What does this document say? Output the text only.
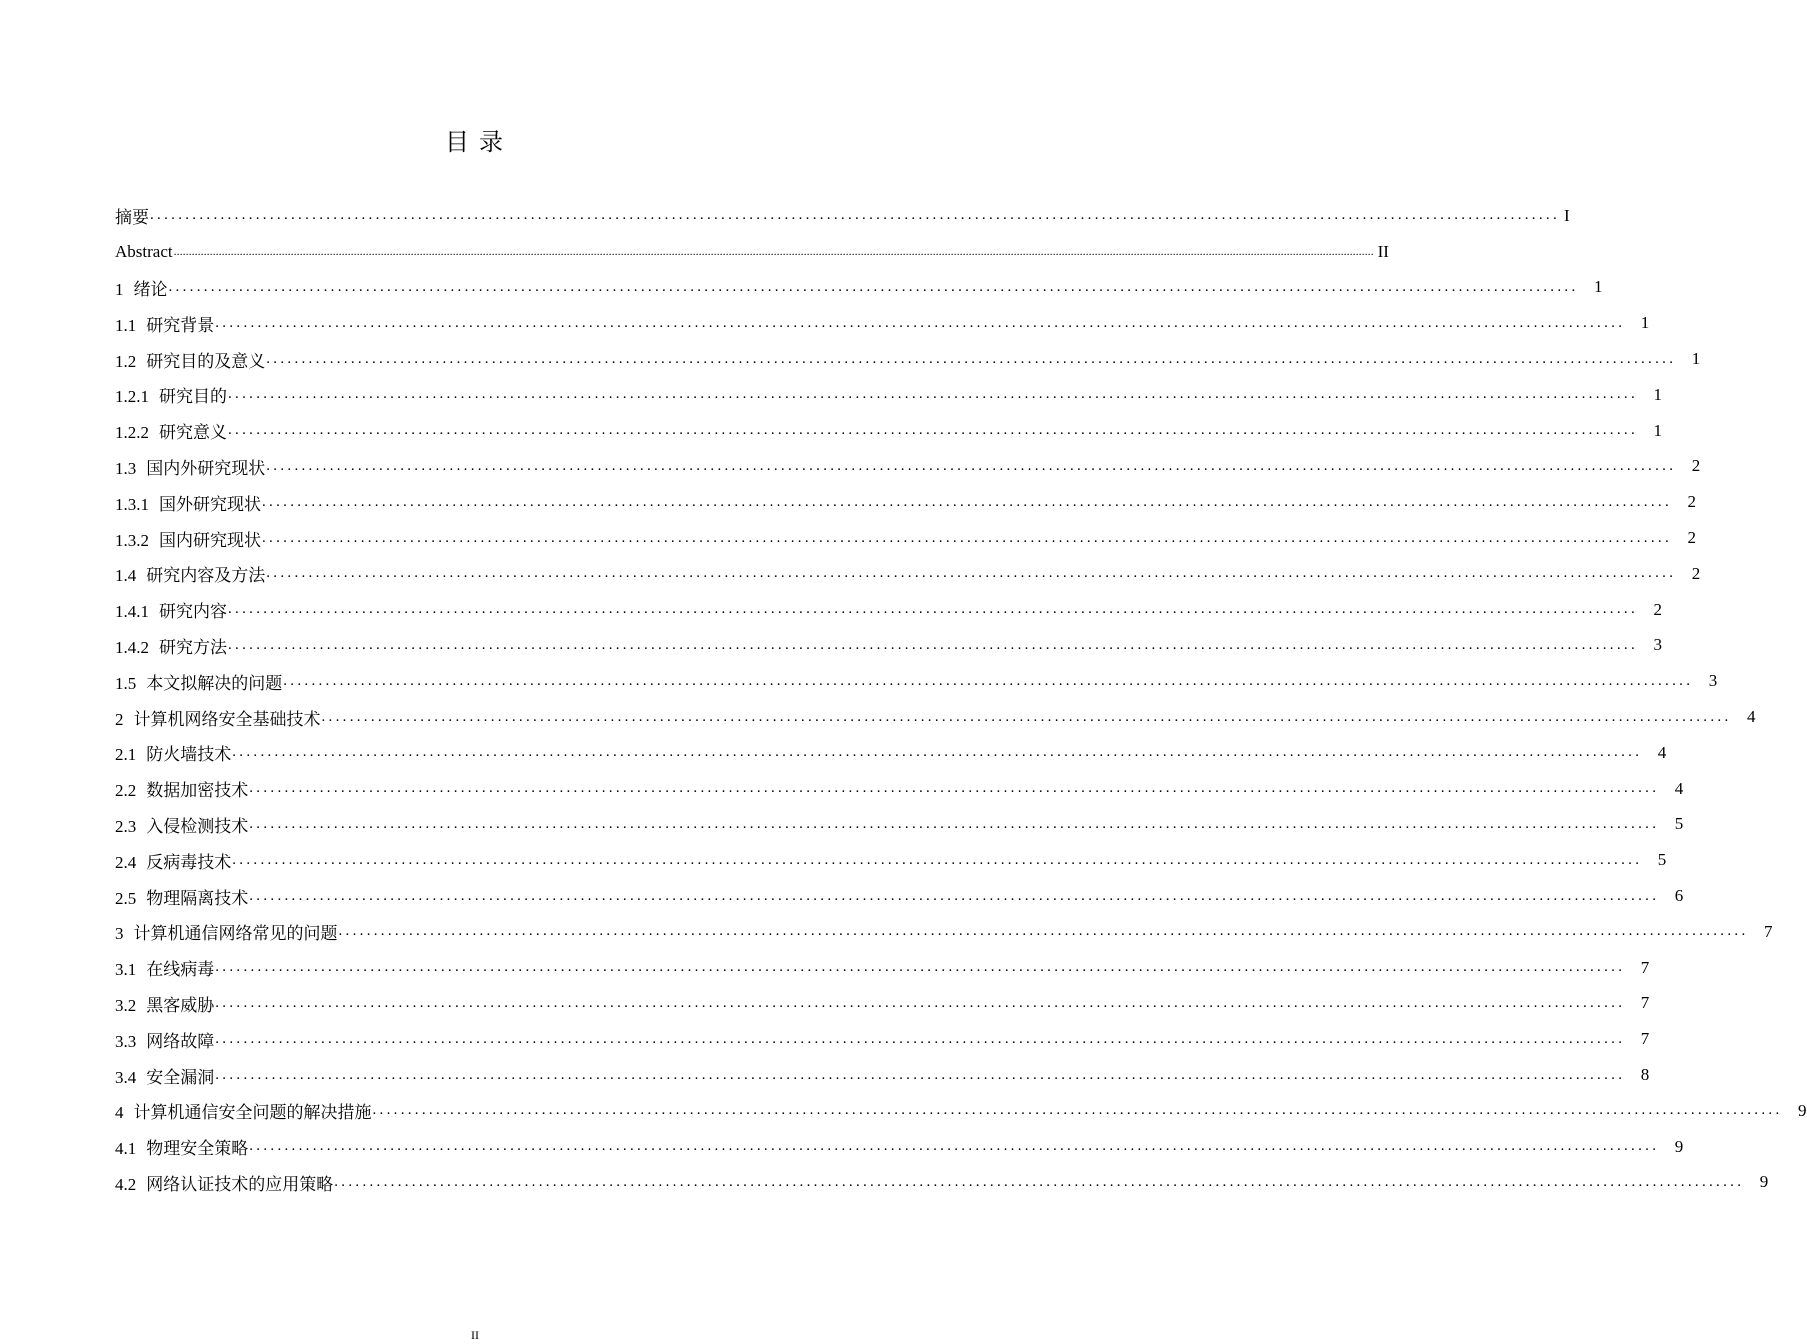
目 录
摘要 ........................................................................................................................................................................................................ I
Abstract ................................................................................................................................................................................................................................................................................................................................................................................................................ II
1 绪论 ........................................................................................................................................................................................................ 1
1.1 研究背景 ........................................................................................................................................................................................................ 1
1.2 研究目的及意义 ........................................................................................................................................................................................................ 1
1.2.1 研究目的 ........................................................................................................................................................................................................ 1
1.2.2 研究意义 ........................................................................................................................................................................................................ 1
1.3 国内外研究现状 ........................................................................................................................................................................................................ 2
1.3.1 国外研究现状 ........................................................................................................................................................................................................ 2
1.3.2 国内研究现状 ........................................................................................................................................................................................................ 2
1.4 研究内容及方法 ........................................................................................................................................................................................................ 2
1.4.1 研究内容 ........................................................................................................................................................................................................ 2
1.4.2 研究方法 ........................................................................................................................................................................................................ 3
1.5 本文拟解决的问题 ........................................................................................................................................................................................................ 3
2 计算机网络安全基础技术 ........................................................................................................................................................................................................ 4
2.1 防火墙技术 ........................................................................................................................................................................................................ 4
2.2 数据加密技术 ........................................................................................................................................................................................................ 4
2.3 入侵检测技术 ........................................................................................................................................................................................................ 5
2.4 反病毒技术 ........................................................................................................................................................................................................ 5
2.5 物理隔离技术 ........................................................................................................................................................................................................ 6
3 计算机通信网络常见的问题 ........................................................................................................................................................................................................ 7
3.1 在线病毒 ........................................................................................................................................................................................................ 7
3.2 黑客威胁 ........................................................................................................................................................................................................ 7
3.3 网络故障 ........................................................................................................................................................................................................ 7
3.4 安全漏洞 ........................................................................................................................................................................................................ 8
4 计算机通信安全问题的解决措施 ........................................................................................................................................................................................................ 9
4.1 物理安全策略 ........................................................................................................................................................................................................ 9
4.2 网络认证技术的应用策略 ........................................................................................................................................................................................................ 9
II
